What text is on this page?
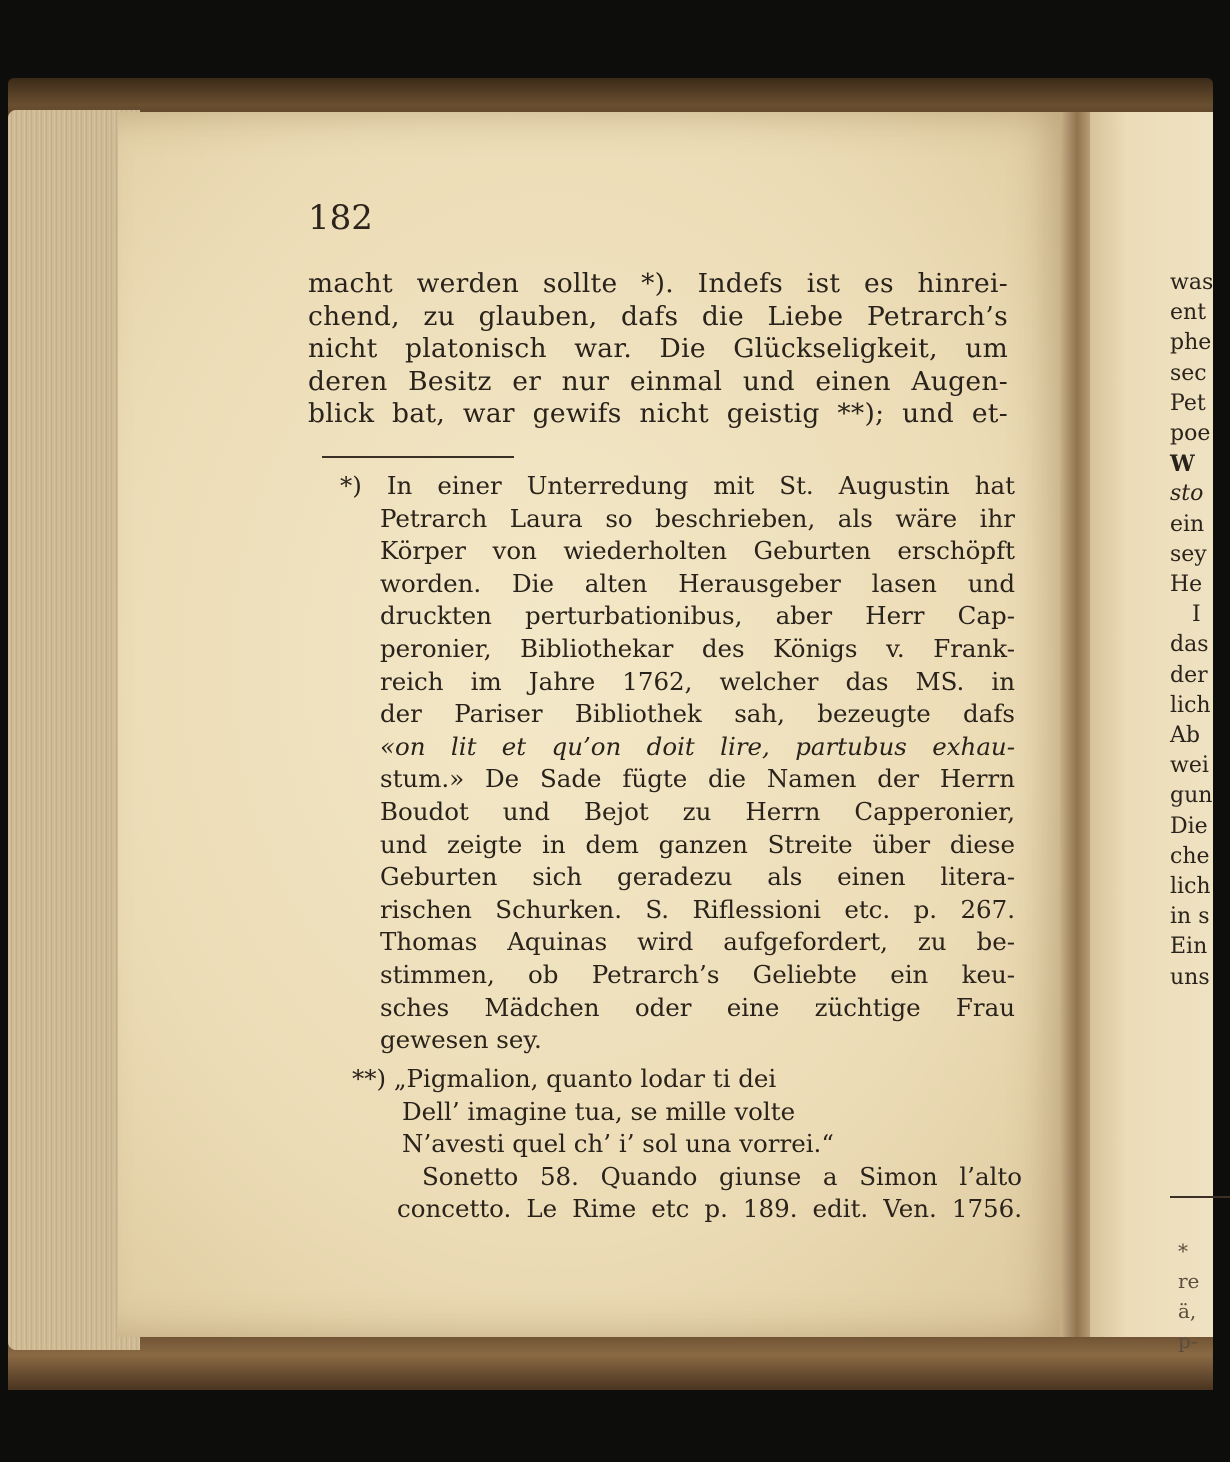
was
ent
phe
sec
Pet
poe
W
sto
ein
sey
He
I
das
der
lich
Ab
wei
gun
Die
che
lich
in s
Ein
uns
*
re
ä,
p-
182
macht werden sollte *). Indefs ist es hinrei-
chend, zu glauben, dafs die Liebe Petrarch’s
nicht platonisch war. Die Glückseligkeit, um
deren Besitz er nur einmal und einen Augen-
blick bat, war gewifs nicht geistig **); und et-
*) In einer Unterredung mit St. Augustin hat
Petrarch Laura so beschrieben, als wäre ihr
Körper von wiederholten Geburten erschöpft
worden. Die alten Herausgeber lasen und
druckten perturbationibus, aber Herr Cap-
peronier, Bibliothekar des Königs v. Frank-
reich im Jahre 1762, welcher das MS. in
der Pariser Bibliothek sah, bezeugte dafs
«on lit et qu’on doit lire, partubus exhau-
stum.» De Sade fügte die Namen der Herrn
Boudot und Bejot zu Herrn Capperonier,
und zeigte in dem ganzen Streite über diese
Geburten sich geradezu als einen litera-
rischen Schurken. S. Riflessioni etc. p. 267.
Thomas Aquinas wird aufgefordert, zu be-
stimmen, ob Petrarch’s Geliebte ein keu-
sches Mädchen oder eine züchtige Frau
gewesen sey.
**) „Pigmalion, quanto lodar ti dei
Dell’ imagine tua, se mille volte
N’avesti quel ch’ i’ sol una vorrei.“
Sonetto 58. Quando giunse a Simon l’alto
concetto. Le Rime etc p. 189. edit. Ven. 1756.
